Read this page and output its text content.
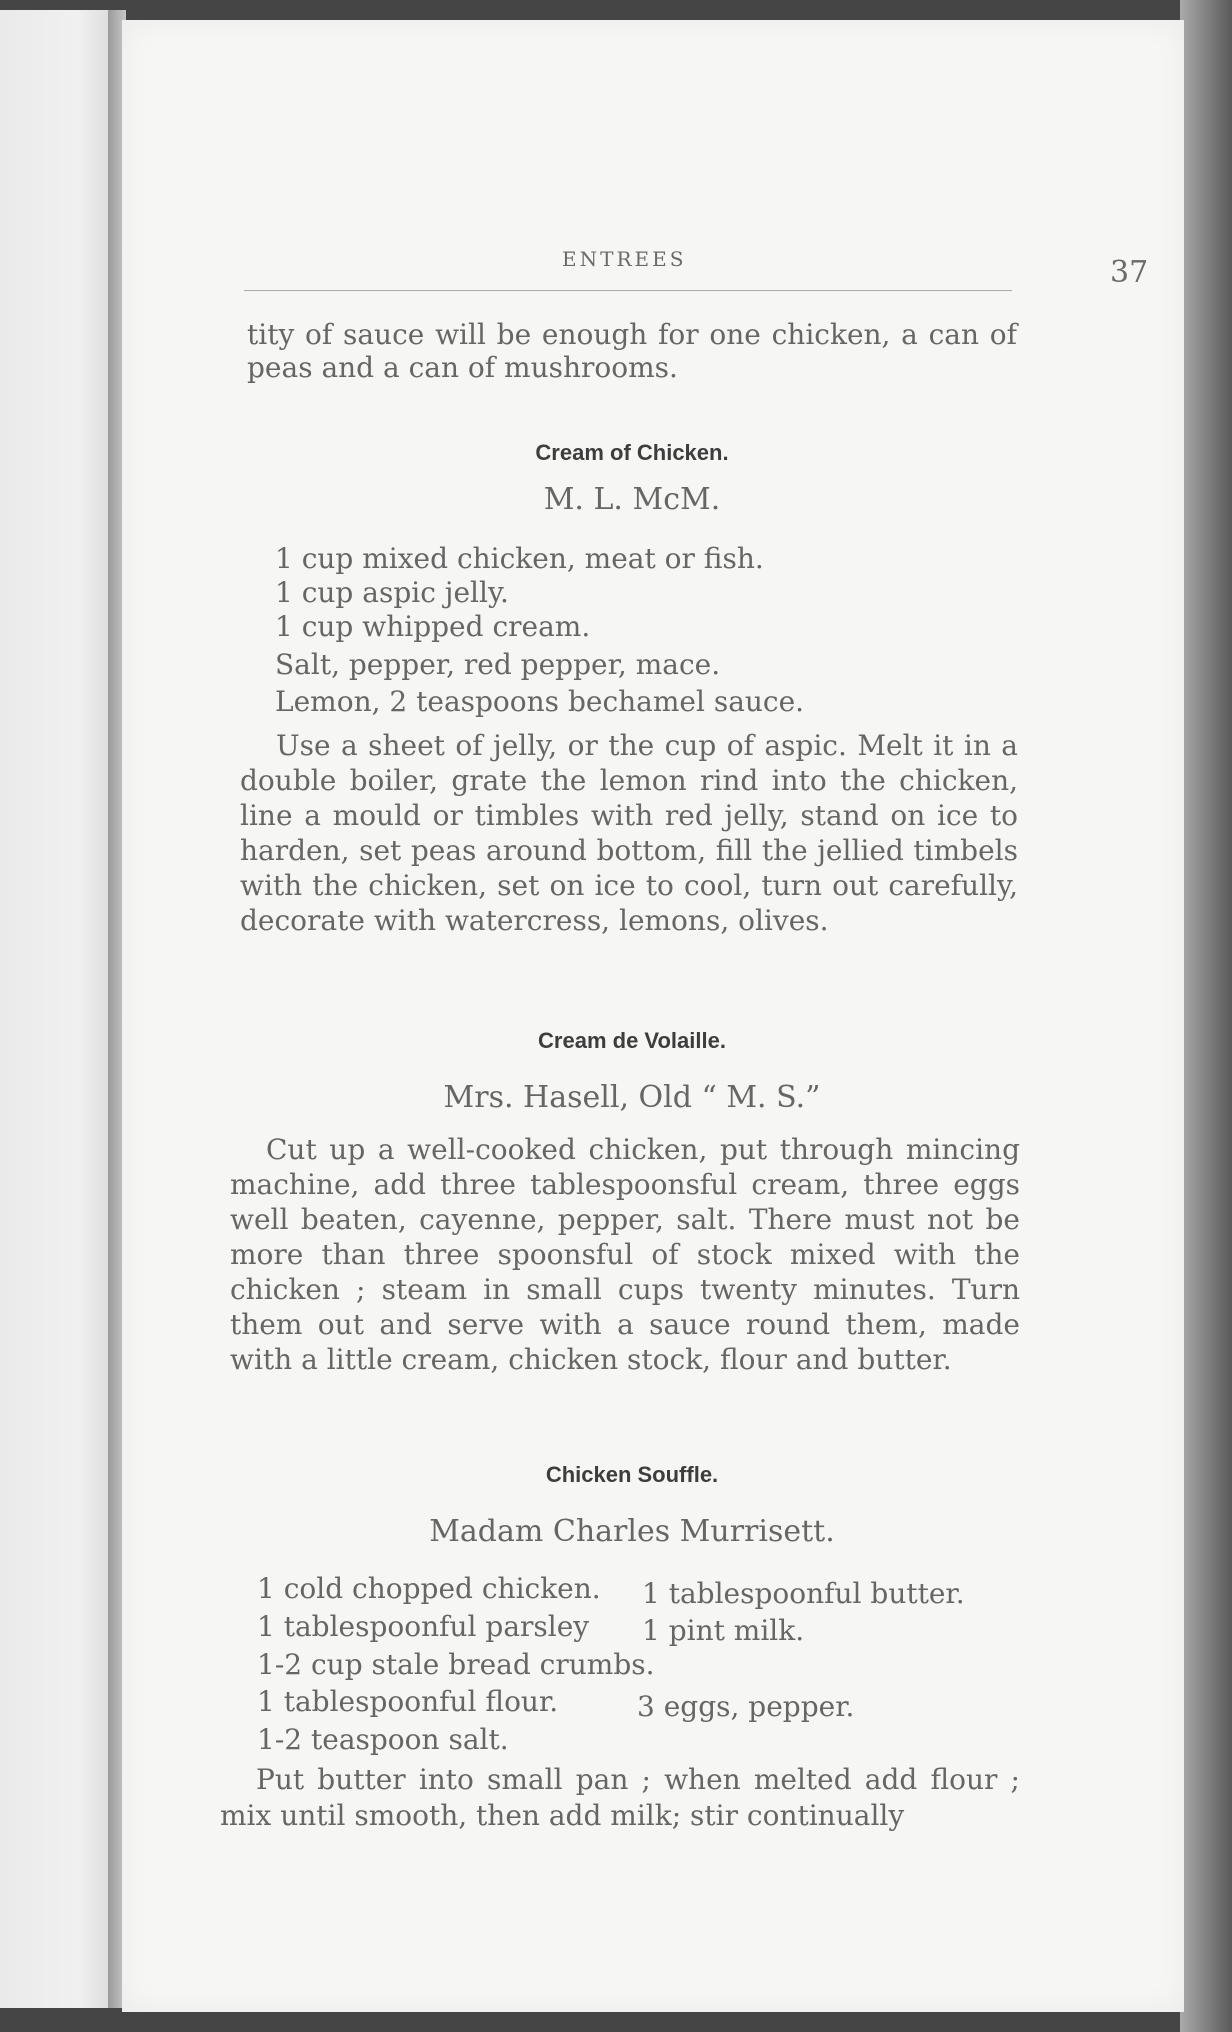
ENTREES	37
tity of sauce will be enough for one chicken, a can of peas and a can of mushrooms.
Cream of Chicken.
M. L. McM.
1 cup mixed chicken, meat or fish.
1 cup aspic jelly.
1 cup whipped cream.
Salt, pepper, red pepper, mace.
Lemon, 2 teaspoons bechamel sauce.
Use a sheet of jelly, or the cup of aspic. Melt it in a double boiler, grate the lemon rind into the chicken, line a mould or timbles with red jelly, stand on ice to harden, set peas around bottom, fill the jellied timbels with the chicken, set on ice to cool, turn out carefully, decorate with watercress, lemons, olives.
Cream de Volaille.
Mrs. Hasell, Old “ M. S.”
Cut up a well-cooked chicken, put through mincing machine, add three tablespoonsful cream, three eggs well beaten, cayenne, pepper, salt. There must not be more than three spoonsful of stock mixed with the chicken ; steam in small cups twenty minutes. Turn them out and serve with a sauce round them, made with a little cream, chicken stock, flour and butter.
Chicken Souffle.
Madam Charles Murrisett.
1 cold chopped chicken.
1 tablespoonful parsley
1-2 cup stale bread crumbs.
1 tablespoonful flour.
1-2 teaspoon salt.
1 tablespoonful butter.
1 pint milk.
3 eggs, pepper.
Put butter into small pan ; when melted add flour ; mix until smooth, then add milk; stir continually
